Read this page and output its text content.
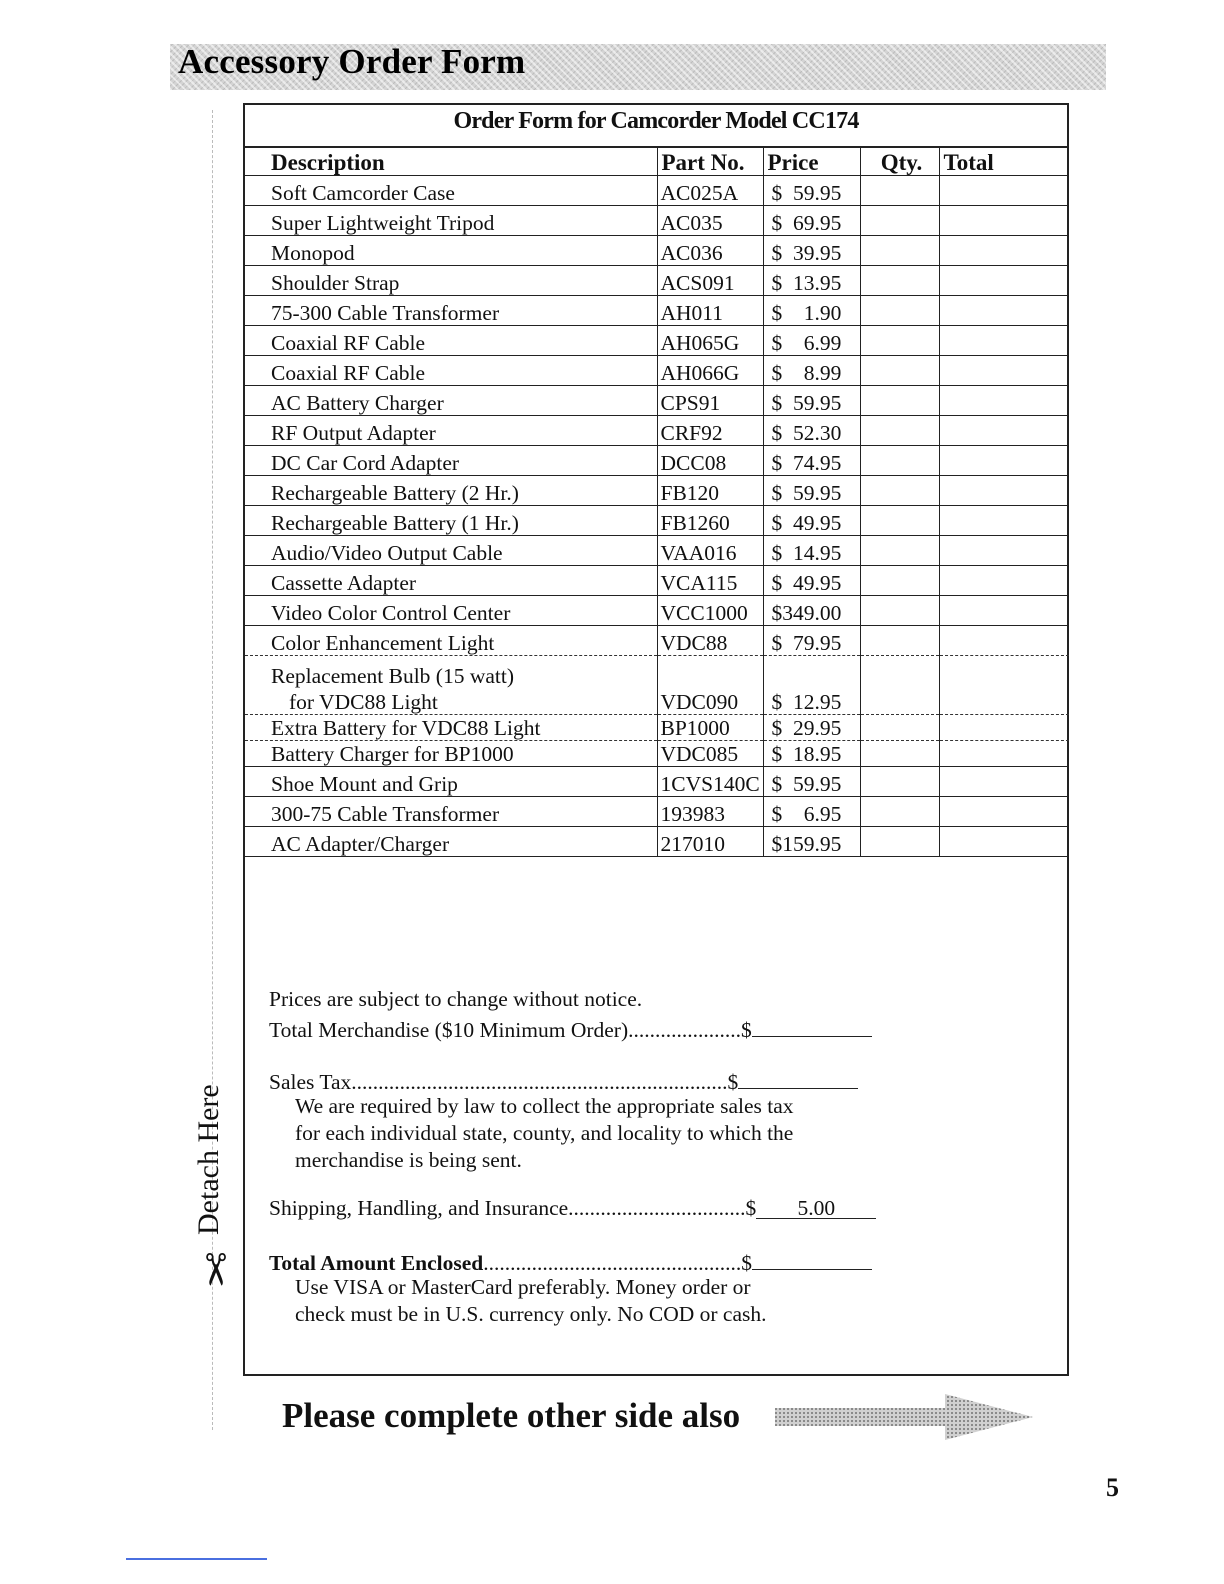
Accessory Order Form
Detach Here
✂
Order Form for Camcorder Model CC174
Description	Part No.	Price	Qty.	Total

Soft Camcorder Case	AC025A	$  59.95		

Super Lightweight Tripod	AC035	$  69.95		

Monopod	AC036	$  39.95		

Shoulder Strap	ACS091	$  13.95		

75-300 Cable Transformer	AH011	$    1.90		

Coaxial RF Cable	AH065G	$    6.99		

Coaxial RF Cable	AH066G	$    8.99		

AC Battery Charger	CPS91	$  59.95		

RF Output Adapter	CRF92	$  52.30		

DC Car Cord Adapter	DCC08	$  74.95		

Rechargeable Battery (2 Hr.)	FB120	$  59.95		

Rechargeable Battery (1 Hr.)	FB1260	$  49.95		

Audio/Video Output Cable	VAA016	$  14.95		

Cassette Adapter	VCA115	$  49.95		

Video Color Control Center	VCC1000	$349.00		

Color Enhancement Light	VDC88	$  79.95		

Replacement Bulb (15 watt)
for VDC88 Light	VDC090	$  12.95		

Extra Battery for VDC88 Light	BP1000	$  29.95		

Battery Charger for BP1000	VDC085	$  18.95		

Shoe Mount and Grip	1CVS140C	$  59.95		

300-75 Cable Transformer	193983	$    6.95		

AC Adapter/Charger	217010	$159.95		
Prices are subject to change without notice.
Total Merchandise ($10 Minimum Order).....................$
Sales Tax......................................................................$
We are required by law to collect the appropriate sales tax for each individual state, county, and locality to which the merchandise is being sent.
Shipping, Handling, and Insurance.................................$ 5.00
Total Amount Enclosed................................................$
Use VISA or MasterCard preferably. Money order or check must be in U.S. currency only. No COD or cash.
Please complete other side also
5
